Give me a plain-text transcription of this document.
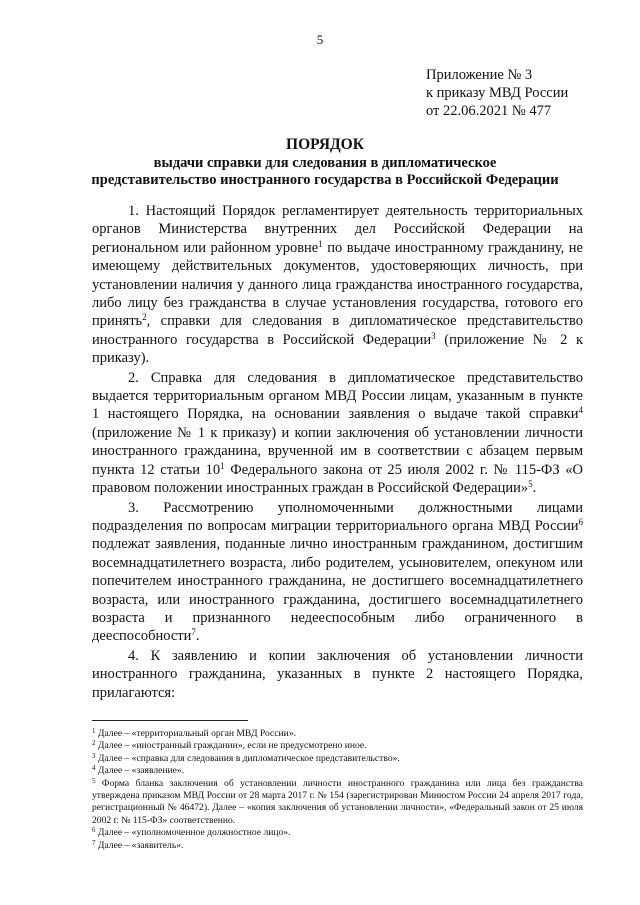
5
Приложение № 3
к приказу МВД России
от 22.06.2021 № 477
ПОРЯДОК
выдачи справки для следования в дипломатическое
представительство иностранного государства в Российской Федерации

1. Настоящий Порядок регламентирует деятельность территориальных органов Министерства внутренних дел Российской Федерации на региональном или районном уровне$^1$ по выдаче иностранному гражданину, не имеющему действительных документов, удостоверяющих личность, при установлении наличия у данного лица гражданства иностранного государства, либо лицу без гражданства в случае установления государства, готового его принять$^2$, справки для следования в дипломатическое представительство иностранного государства в Российской Федерации$^3$ (приложение № 2 к приказу).

2. Справка для следования в дипломатическое представительство выдается территориальным органом МВД России лицам, указанным в пункте 1 настоящего Порядка, на основании заявления о выдаче такой справки$^4$ (приложение № 1 к приказу) и копии заключения об установлении личности иностранного гражданина, врученной им в соответствии с абзацем первым пункта 12 статьи $10^1$ Федерального закона от 25 июля 2002 г. № 115-ФЗ «О правовом положении иностранных граждан в Российской Федерации»$^5$.

3. Рассмотрению уполномоченными должностными лицами подразделения по вопросам миграции территориального органа МВД России$^6$ подлежат заявления, поданные лично иностранным гражданином, достигшим восемнадцатилетнего возраста, либо родителем, усыновителем, опекуном или попечителем иностранного гражданина, не достигшего восемнадцатилетнего возраста, или иностранного гражданина, достигшего восемнадцатилетнего возраста и признанного недееспособным либо ограниченного в дееспособности$^7$.

4. К заявлению и копии заключения об установлении личности иностранного гражданина, указанных в пункте 2 настоящего Порядка, прилагаются:

$^1$ Далее – «территориальный орган МВД России».
$^2$ Далее – «иностранный гражданин», если не предусмотрено иное.
$^3$ Далее – «справка для следования в дипломатическое представительство».
$^4$ Далее – «заявление».
$^5$ Форма бланка заключения об установлении личности иностранного гражданина или лица без гражданства утверждена приказом МВД России от 28 марта 2017 г. № 154 (зарегистрирован Минюстом России 24 апреля 2017 года, регистрационный № 46472). Далее – «копия заключения об установлении личности», «Федеральный закон от 25 июля 2002 г. № 115-ФЗ» соответственно.
$^6$ Далее – «уполномоченное должностное лицо».
$^7$ Далее – «заявитель».
